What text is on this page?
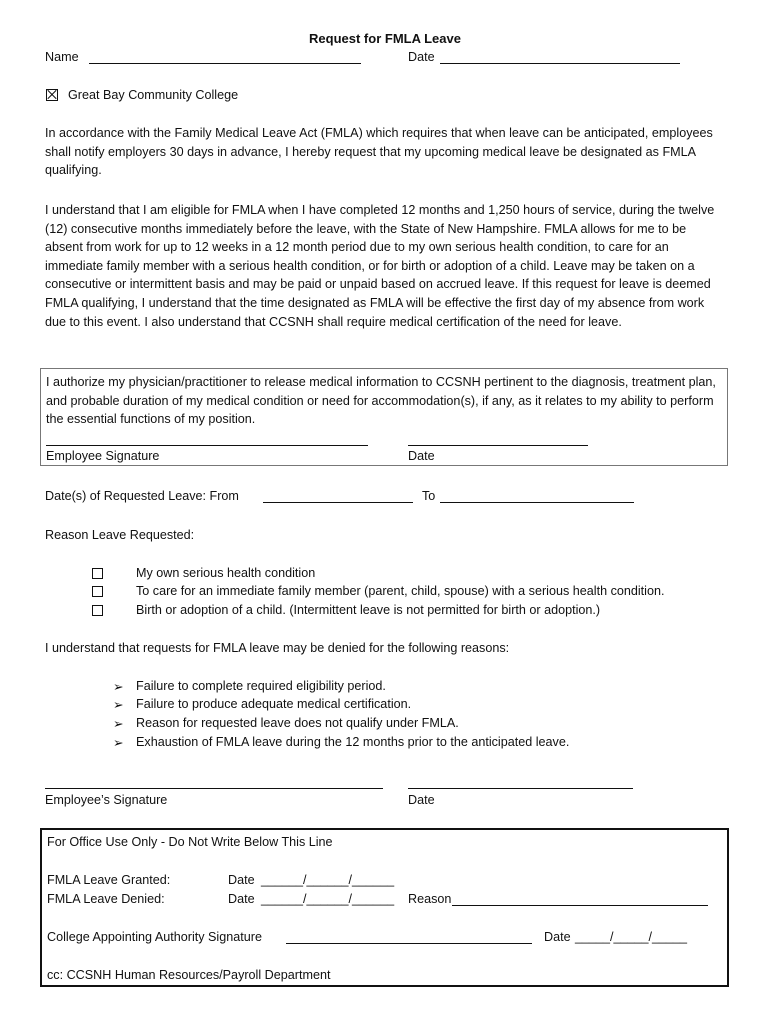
Request for FMLA Leave
Name	Date
Great Bay Community College
In accordance with the Family Medical Leave Act (FMLA) which requires that when leave can be anticipated, employees shall notify employers 30 days in advance, I hereby request that my upcoming medical leave be designated as FMLA qualifying.
I understand that I am eligible for FMLA when I have completed 12 months and 1,250 hours of service, during the twelve (12) consecutive months immediately before the leave, with the State of New Hampshire. FMLA allows for me to be absent from work for up to 12 weeks in a 12 month period due to my own serious health condition, to care for an immediate family member with a serious health condition, or for birth or adoption of a child. Leave may be taken on a consecutive or intermittent basis and may be paid or unpaid based on accrued leave. If this request for leave is deemed FMLA qualifying, I understand that the time designated as FMLA will be effective the first day of my absence from work due to this event. I also understand that CCSNH shall require medical certification of the need for leave.
I authorize my physician/practitioner to release medical information to CCSNH pertinent to the diagnosis, treatment plan, and probable duration of my medical condition or need for accommodation(s), if any, as it relates to my ability to perform the essential functions of my position.
Employee Signature	Date
Date(s) of Requested Leave: From	To
Reason Leave Requested:
My own serious health condition
To care for an immediate family member (parent, child, spouse) with a serious health condition.
Birth or adoption of a child. (Intermittent leave is not permitted for birth or adoption.)
I understand that requests for FMLA leave may be denied for the following reasons:
➢ Failure to complete required eligibility period.
➢ Failure to produce adequate medical certification.
➢ Reason for requested leave does not qualify under FMLA.
➢ Exhaustion of FMLA leave during the 12 months prior to the anticipated leave.
Employee’s Signature	Date
For Office Use Only - Do Not Write Below This Line
FMLA Leave Granted:	Date ______/______/______
FMLA Leave Denied:	Date ______/______/______ Reason
College Appointing Authority Signature	Date _____/_____/_____
cc: CCSNH Human Resources/Payroll Department
